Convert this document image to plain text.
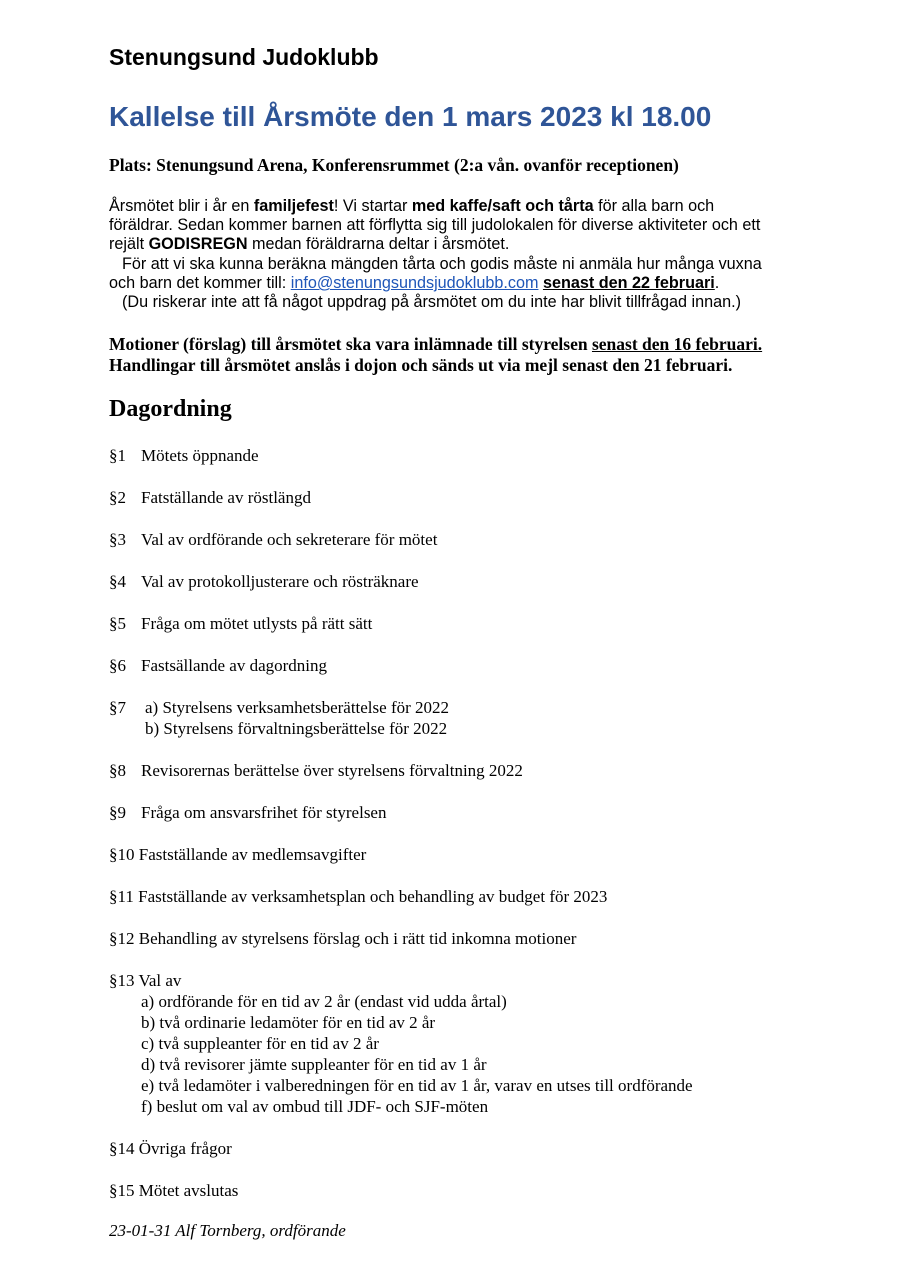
Stenungsund Judoklubb
Kallelse till Årsmöte den 1 mars 2023 kl 18.00
Plats: Stenungsund Arena, Konferensrummet (2:a vån. ovanför receptionen)
Årsmötet blir i år en familjefest! Vi startar med kaffe/saft och tårta för alla barn och
föräldrar. Sedan kommer barnen att förflytta sig till judolokalen för diverse aktiviteter och ett
rejält GODISREGN medan föräldrarna deltar i årsmötet.
För att vi ska kunna beräkna mängden tårta och godis måste ni anmäla hur många vuxna
och barn det kommer till: info@stenungsundsjudoklubb.com senast den 22 februari.
(Du riskerar inte att få något uppdrag på årsmötet om du inte har blivit tillfrågad innan.)
Motioner (förslag) till årsmötet ska vara inlämnade till styrelsen senast den 16 februari.
Handlingar till årsmötet anslås i dojon och sänds ut via mejl senast den 21 februari.
Dagordning
§1 Mötets öppnande
§2 Fatställande av röstlängd
§3 Val av ordförande och sekreterare för mötet
§4 Val av protokolljusterare och rösträknare
§5 Fråga om mötet utlysts på rätt sätt
§6 Fastsällande av dagordning
§7 a) Styrelsens verksamhetsberättelse för 2022
b) Styrelsens förvaltningsberättelse för 2022
§8 Revisorernas berättelse över styrelsens förvaltning 2022
§9 Fråga om ansvarsfrihet för styrelsen
§10 Fastställande av medlemsavgifter
§11 Fastställande av verksamhetsplan och behandling av budget för 2023
§12 Behandling av styrelsens förslag och i rätt tid inkomna motioner
§13 Val av
a) ordförande för en tid av 2 år (endast vid udda årtal)
b) två ordinarie ledamöter för en tid av 2 år
c) två suppleanter för en tid av 2 år
d) två revisorer jämte suppleanter för en tid av 1 år
e) två ledamöter i valberedningen för en tid av 1 år, varav en utses till ordförande
f) beslut om val av ombud till JDF- och SJF-möten
§14 Övriga frågor
§15 Mötet avslutas
23-01-31 Alf Tornberg, ordförande
